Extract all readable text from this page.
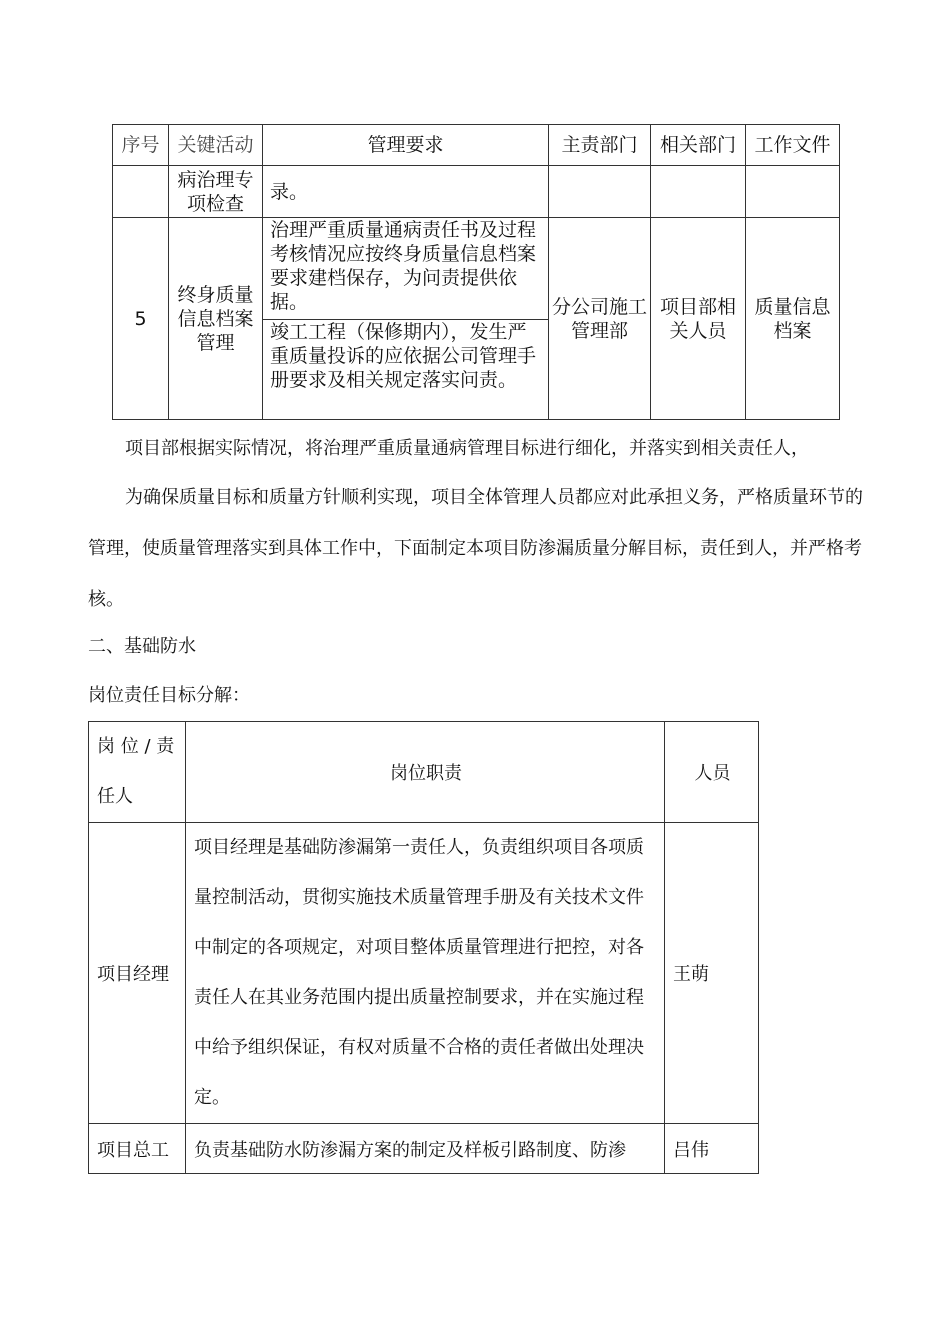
序号	关键活动	管理要求	主责部门	相关部门	工作文件
	病治理专项检查	录。			
5	终身质量信息档案管理	治理严重质量通病责任书及过程考核情况应按终身质量信息档案要求建档保存，为问责提供依据。	分公司施工管理部	项目部相关人员	质量信息档案
		竣工工程（保修期内），发生严重质量投诉的应依据公司管理手册要求及相关规定落实问责。			

项目部根据实际情况，将治理严重质量通病管理目标进行细化，并落实到相关责任人，

为确保质量目标和质量方针顺利实现，项目全体管理人员都应对此承担义务，严格质量环节的管理，使质量管理落实到具体工作中，下面制定本项目防渗漏质量分解目标，责任到人，并严格考核。

二、基础防水

岗位责任目标分解：

岗 位 / 责任人	岗位职责	人员
项目经理	项目经理是基础防渗漏第一责任人，负责组织项目各项质量控制活动，贯彻实施技术质量管理手册及有关技术文件中制定的各项规定，对项目整体质量管理进行把控，对各责任人在其业务范围内提出质量控制要求，并在实施过程中给予组织保证，有权对质量不合格的责任者做出处理决定。	王萌
项目总工	负责基础防水防渗漏方案的制定及样板引路制度、防渗	吕伟
